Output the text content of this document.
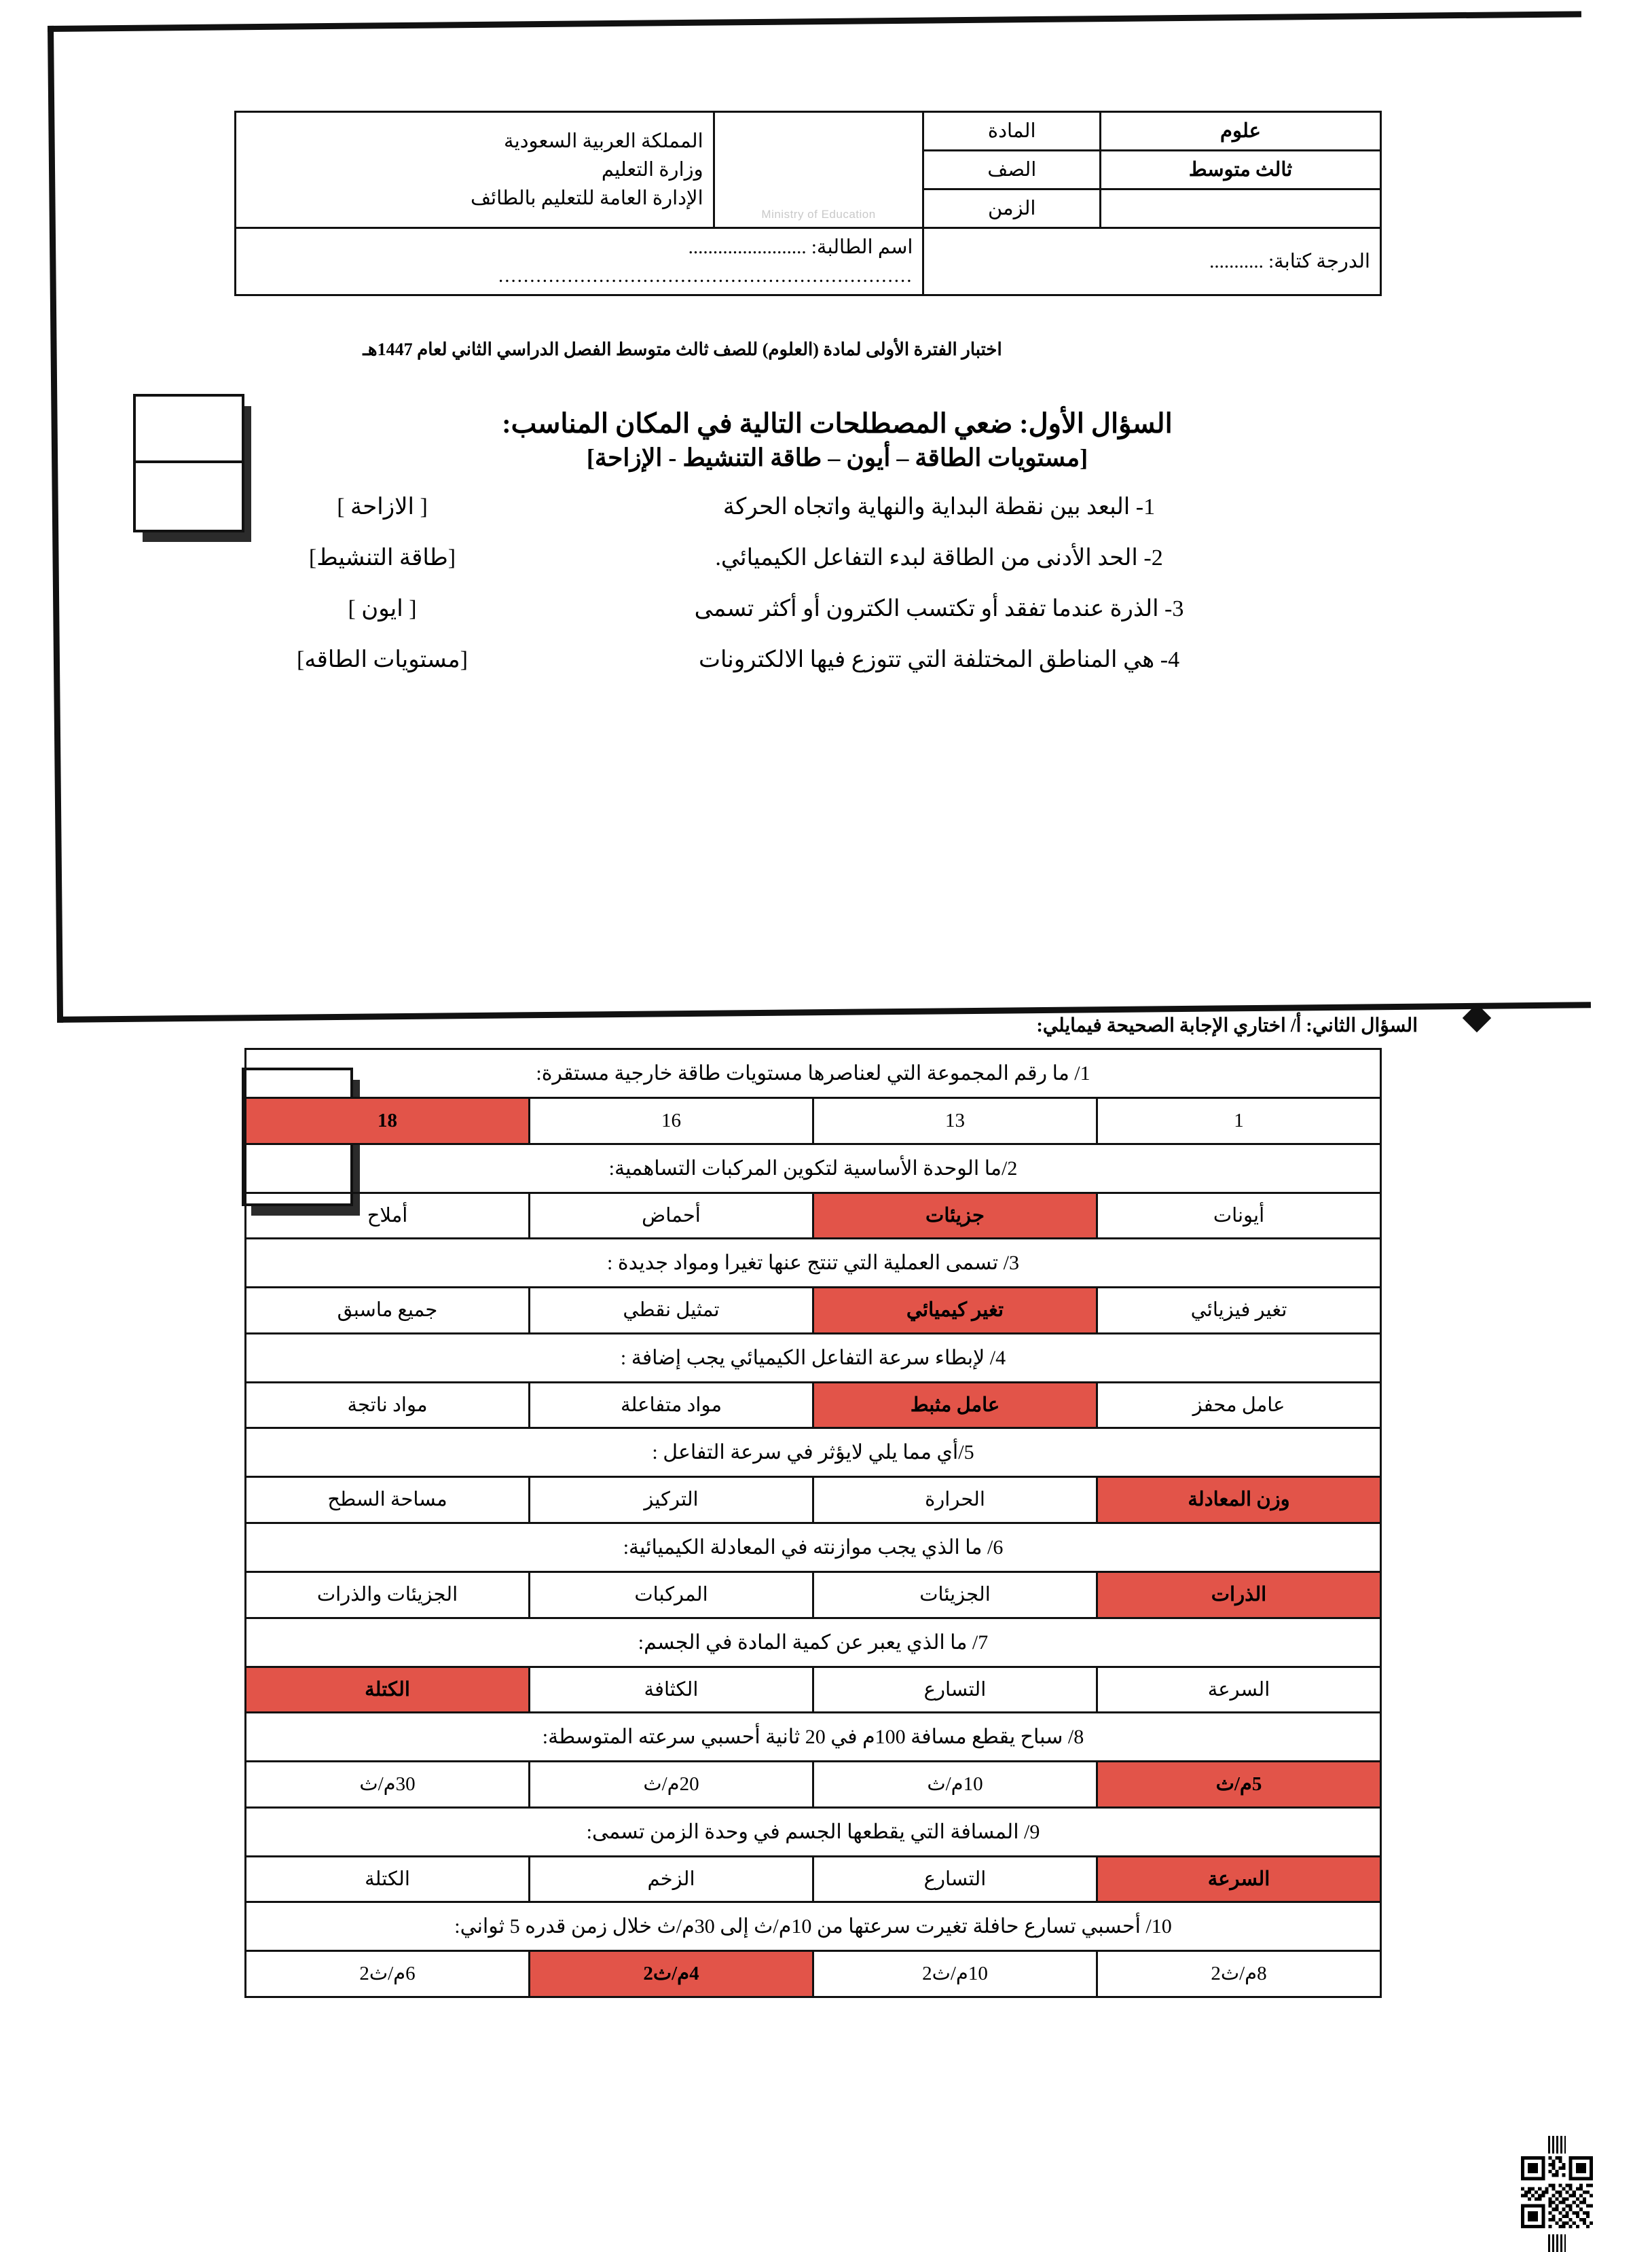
علوم	المادة	Ministry of Education	المملكة العربية السعودية
وزارة التعليم
الإدارة العامة للتعليم بالطائف

ثالث متوسط	الصف		
	الزمن		
الدرجة كتابة: ...........		اسم الطالبة: ........................
..................................................................	
اختبار الفترة الأولى لمادة (العلوم) للصف ثالث متوسط الفصل الدراسي الثاني لعام 1447هـ
السؤال الأول: ضعي المصطلحات التالية في المكان المناسب:
[مستويات الطاقة – أيون – طاقة التنشيط - الإزاحة]
1- البعد بين نقطة البداية والنهاية واتجاه الحركة
[ الازاحة ]
2- الحد الأدنى من الطاقة لبدء التفاعل الكيميائي.
[طاقة التنشيط]
3- الذرة عندما تفقد أو تكتسب الكترون أو أكثر تسمى
[ ايون ]
4- هي المناطق المختلفة التي تتوزع فيها الالكترونات
[مستويات الطاقه]
السؤال الثاني: أ/ اختاري الإجابة الصحيحة فيمايلي:
1/ ما رقم المجموعة التي لعناصرها مستويات طاقة خارجية مستقرة:			
1	13	16	18
2/ما الوحدة الأساسية لتكوين المركبات التساهمية:			
أيونات	جزيئات	أحماض	أملاح
3/ تسمى العملية التي تنتج عنها تغيرا ومواد جديدة :			
تغير فيزيائي	تغير كيميائي	تمثيل نقطي	جميع ماسبق
4/ لإبطاء سرعة التفاعل الكيميائي يجب إضافة :			
عامل محفز	عامل مثبط	مواد متفاعلة	مواد ناتجة
5/أي مما يلي لايؤثر في سرعة التفاعل :			
وزن المعادلة	الحرارة	التركيز	مساحة السطح
6/ ما الذي يجب موازنته في المعادلة الكيميائية:			
الذرات	الجزيئات	المركبات	الجزيئات والذرات
7/ ما الذي يعبر عن كمية المادة في الجسم:			
السرعة	التسارع	الكثافة	الكتلة
8/ سباح يقطع مسافة 100م في 20 ثانية أحسبي سرعته المتوسطة:			
5م/ث	10م/ث	20م/ث	30م/ث
9/ المسافة التي يقطعها الجسم في وحدة الزمن تسمى:			
السرعة	التسارع	الزخم	الكتلة
10/ أحسبي تسارع حافلة تغيرت سرعتها من 10م/ث إلى 30م/ث خلال زمن قدره 5 ثواني:			
8م/ث2	10م/ث2	4م/ث2	6م/ث2
